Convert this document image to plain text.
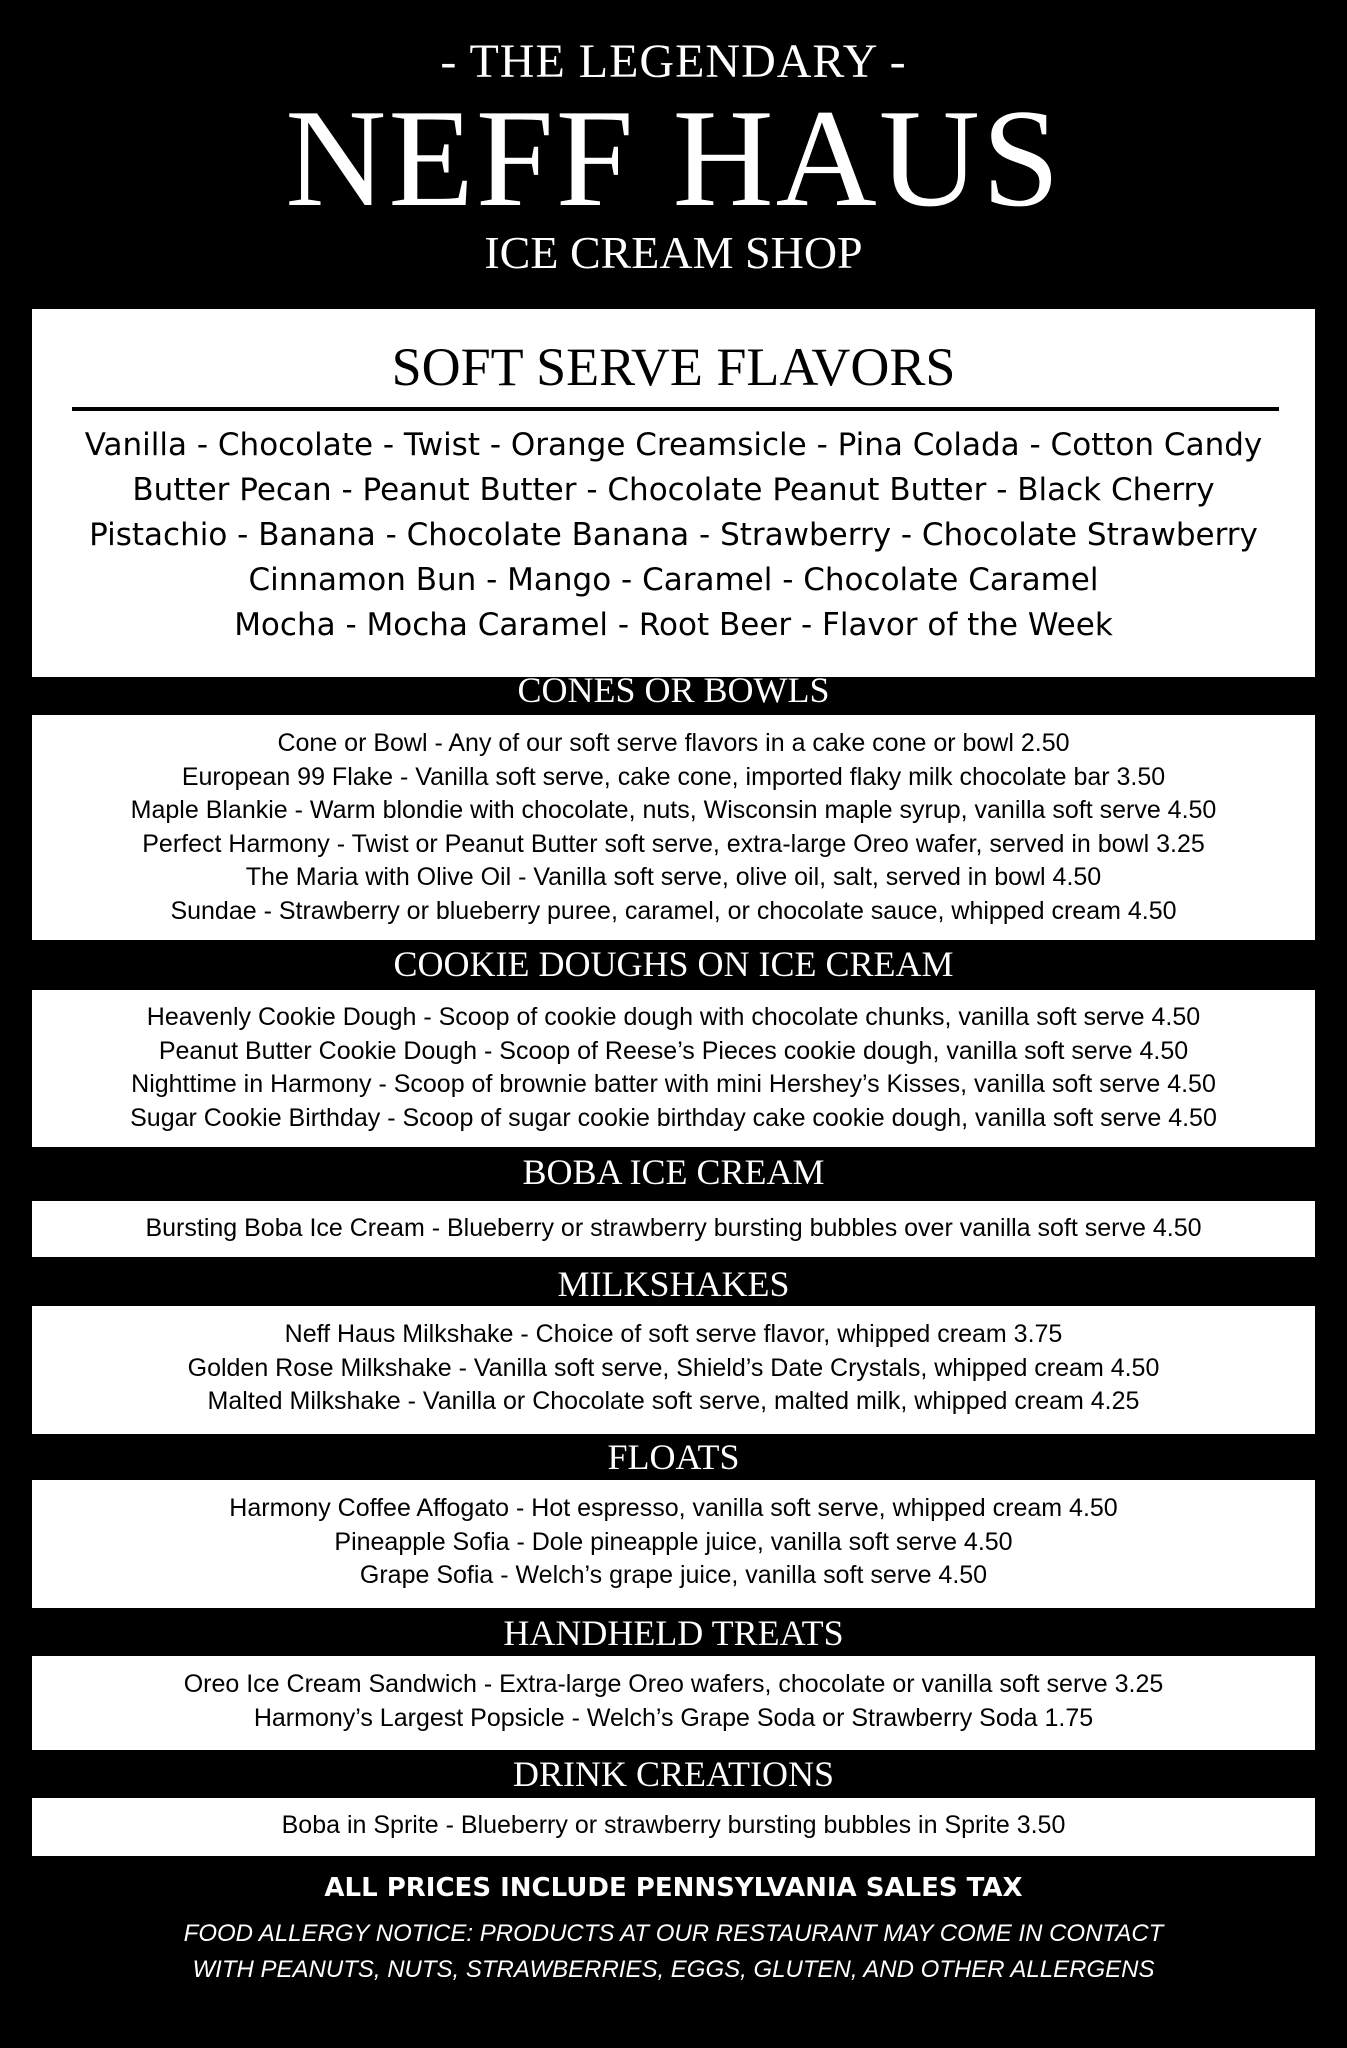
- THE LEGENDARY -
NEFF HAUS
ICE CREAM SHOP
SOFT SERVE FLAVORS
Vanilla - Chocolate - Twist - Orange Creamsicle - Pina Colada - Cotton Candy
Butter Pecan - Peanut Butter - Chocolate Peanut Butter - Black Cherry
Pistachio - Banana - Chocolate Banana - Strawberry - Chocolate Strawberry
Cinnamon Bun - Mango - Caramel - Chocolate Caramel
Mocha - Mocha Caramel - Root Beer - Flavor of the Week
CONES OR BOWLS
Cone or Bowl - Any of our soft serve flavors in a cake cone or bowl 2.50
European 99 Flake - Vanilla soft serve, cake cone, imported flaky milk chocolate bar 3.50
Maple Blankie - Warm blondie with chocolate, nuts, Wisconsin maple syrup, vanilla soft serve 4.50
Perfect Harmony - Twist or Peanut Butter soft serve, extra-large Oreo wafer, served in bowl 3.25
The Maria with Olive Oil - Vanilla soft serve, olive oil, salt, served in bowl 4.50
Sundae - Strawberry or blueberry puree, caramel, or chocolate sauce, whipped cream 4.50
COOKIE DOUGHS ON ICE CREAM
Heavenly Cookie Dough - Scoop of cookie dough with chocolate chunks, vanilla soft serve 4.50
Peanut Butter Cookie Dough - Scoop of Reese’s Pieces cookie dough, vanilla soft serve 4.50
Nighttime in Harmony - Scoop of brownie batter with mini Hershey’s Kisses, vanilla soft serve 4.50
Sugar Cookie Birthday - Scoop of sugar cookie birthday cake cookie dough, vanilla soft serve 4.50
BOBA ICE CREAM
Bursting Boba Ice Cream - Blueberry or strawberry bursting bubbles over vanilla soft serve 4.50
MILKSHAKES
Neff Haus Milkshake - Choice of soft serve flavor, whipped cream 3.75
Golden Rose Milkshake - Vanilla soft serve, Shield’s Date Crystals, whipped cream 4.50
Malted Milkshake - Vanilla or Chocolate soft serve, malted milk, whipped cream 4.25
FLOATS
Harmony Coffee Affogato - Hot espresso, vanilla soft serve, whipped cream 4.50
Pineapple Sofia - Dole pineapple juice, vanilla soft serve 4.50
Grape Sofia - Welch’s grape juice, vanilla soft serve 4.50
HANDHELD TREATS
Oreo Ice Cream Sandwich - Extra-large Oreo wafers, chocolate or vanilla soft serve 3.25
Harmony’s Largest Popsicle - Welch’s Grape Soda or Strawberry Soda 1.75
DRINK CREATIONS
Boba in Sprite - Blueberry or strawberry bursting bubbles in Sprite 3.50
ALL PRICES INCLUDE PENNSYLVANIA SALES TAX
FOOD ALLERGY NOTICE: PRODUCTS AT OUR RESTAURANT MAY COME IN CONTACT
WITH PEANUTS, NUTS, STRAWBERRIES, EGGS, GLUTEN, AND OTHER ALLERGENS
